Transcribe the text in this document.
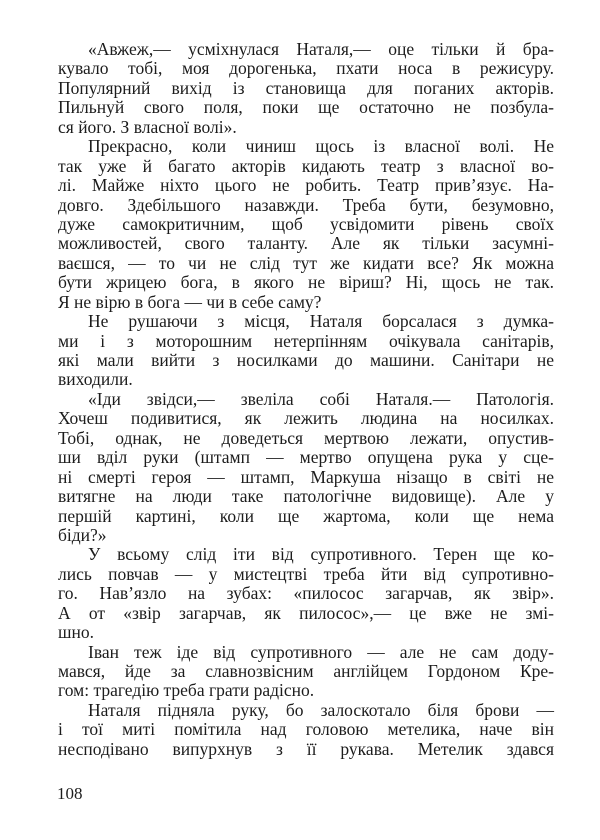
«Авжеж,— усміхнулася Наталя,— оце тільки й бра-
кувало тобі, моя дорогенька, пхати носа в режисуру.
Популярний вихід із становища для поганих акторів.
Пильнуй свого поля, поки ще остаточно не позбула-
ся його. З власної волі».
Прекрасно, коли чиниш щось із власної волі. Не
так уже й багато акторів кидають театр з власної во-
лі. Майже ніхто цього не робить. Театр прив’язує. На-
довго. Здебільшого назавжди. Треба бути, безумовно,
дуже самокритичним, щоб усвідомити рівень своїх
можливостей, свого таланту. Але як тільки засумні-
ваєшся, — то чи не слід тут же кидати все? Як можна
бути жрицею бога, в якого не віриш? Ні, щось не так.
Я не вірю в бога — чи в себе саму?
Не рушаючи з місця, Наталя борсалася з думка-
ми і з моторошним нетерпінням очікувала санітарів,
які мали вийти з носилками до машини. Санітари не
виходили.
«Іди звідси,— звеліла собі Наталя.— Патологія.
Хочеш подивитися, як лежить людина на носилках.
Тобі, однак, не доведеться мертвою лежати, опустив-
ши вділ руки (штамп — мертво опущена рука у сце-
ні смерті героя — штамп, Маркуша нізащо в світі не
витягне на люди таке патологічне видовище). Але у
першій картині, коли ще жартома, коли ще нема
біди?»
У всьому слід іти від супротивного. Терен ще ко-
лись повчав — у мистецтві треба йти від супротивно-
го. Нав’язло на зубах: «пилосос загарчав, як звір».
А от «звір загарчав, як пилосос»,— це вже не змі-
шно.
Іван теж іде від супротивного — але не сам доду-
мався, йде за славнозвісним англійцем Гордоном Кре-
гом: трагедію треба грати радісно.
Наталя підняла руку, бо залоскотало біля брови —
і тої миті помітила над головою метелика, наче він
несподівано випурхнув з її рукава. Метелик здався
108
